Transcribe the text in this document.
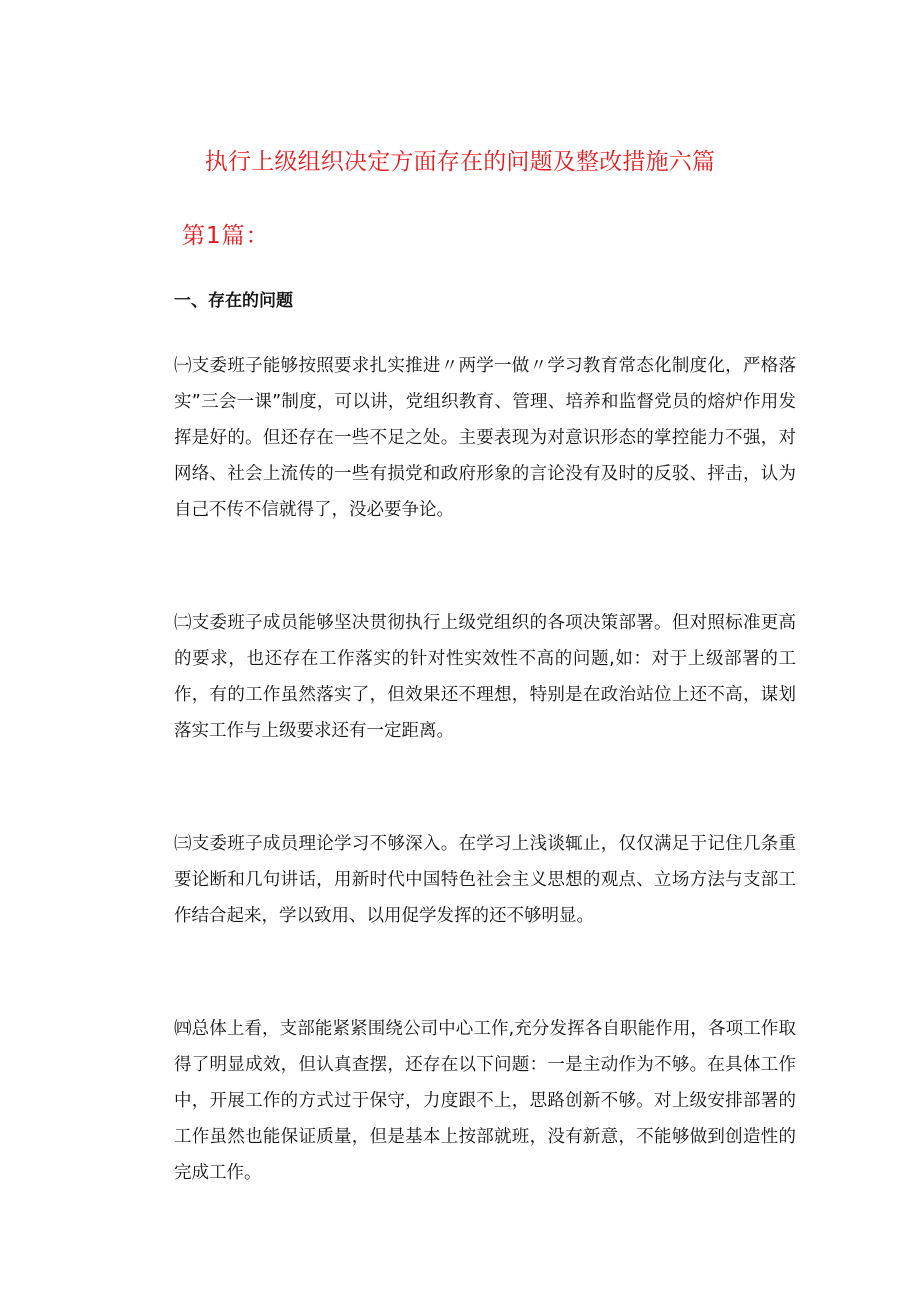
执行上级组织决定方面存在的问题及整改措施六篇
第1篇：
一、存在的问题

㈠支委班子能够按照要求扎实推进〃两学一做〃学习教育常态化制度化，严格落实”三会一课”制度，可以讲，党组织教育、管理、培养和监督党员的熔炉作用发挥是好的。但还存在一些不足之处。主要表现为对意识形态的掌控能力不强，对网络、社会上流传的一些有损党和政府形象的言论没有及时的反驳、抨击，认为自己不传不信就得了，没必要争论。

㈡支委班子成员能够坚决贯彻执行上级党组织的各项决策部署。但对照标准更高的要求，也还存在工作落实的针对性实效性不高的问题,如：对于上级部署的工作，有的工作虽然落实了，但效果还不理想，特别是在政治站位上还不高，谋划落实工作与上级要求还有一定距离。

㈢支委班子成员理论学习不够深入。在学习上浅谈辄止，仅仅满足于记住几条重要论断和几句讲话，用新时代中国特色社会主义思想的观点、立场方法与支部工作结合起来，学以致用、以用促学发挥的还不够明显。

㈣总体上看，支部能紧紧围绕公司中心工作,充分发挥各自职能作用，各项工作取得了明显成效，但认真查摆，还存在以下问题：一是主动作为不够。在具体工作中，开展工作的方式过于保守，力度跟不上，思路创新不够。对上级安排部署的工作虽然也能保证质量，但是基本上按部就班，没有新意，不能够做到创造性的完成工作。
